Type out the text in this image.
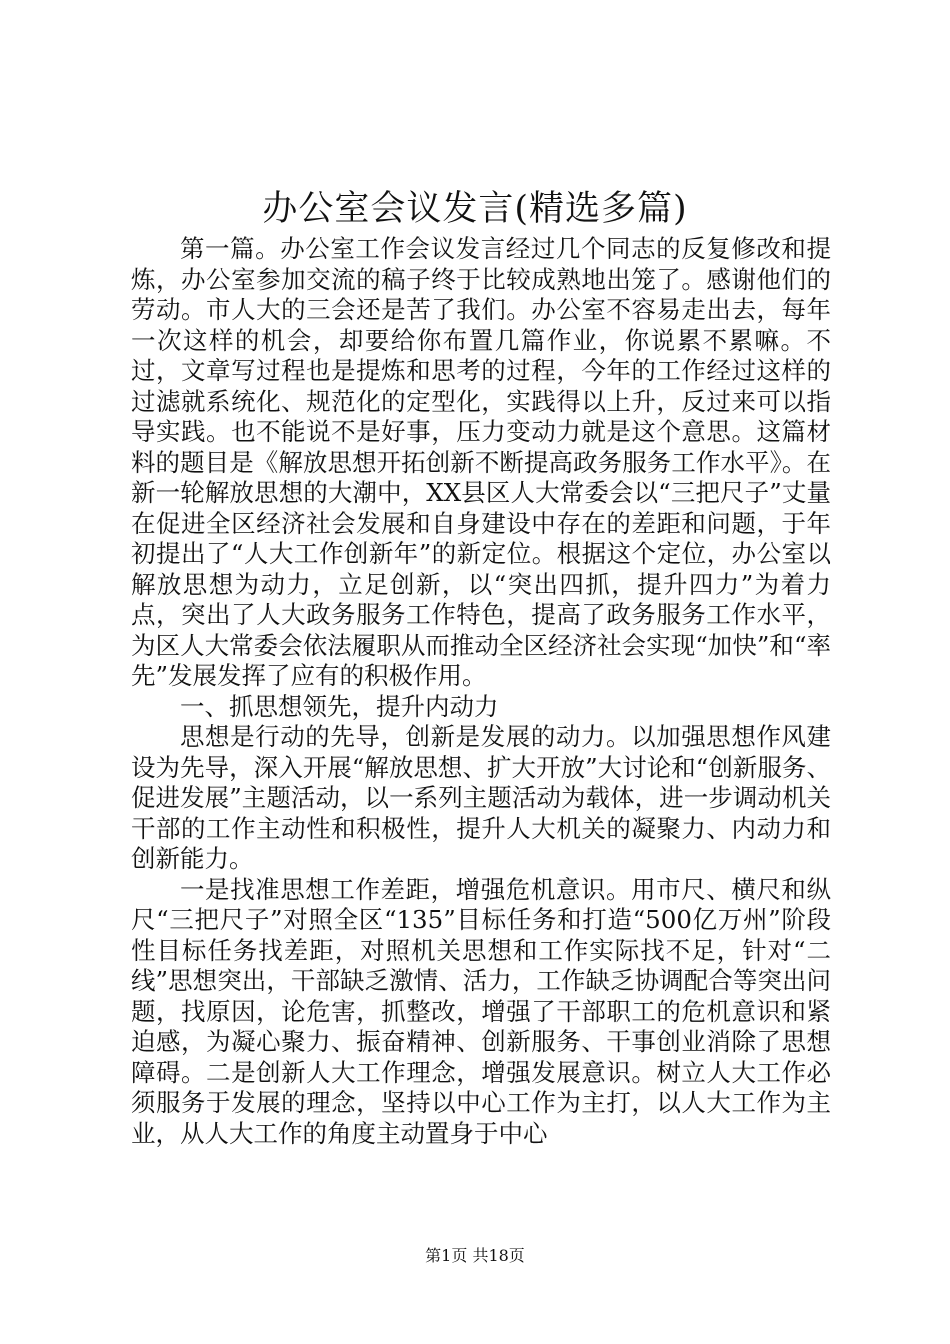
办公室会议发言(精选多篇)

第一篇。办公室工作会议发言经过几个同志的反复修改和提炼，办公室参加交流的稿子终于比较成熟地出笼了。感谢他们的劳动。市人大的三会还是苦了我们。办公室不容易走出去，每年一次这样的机会，却要给你布置几篇作业，你说累不累嘛。不过，文章写过程也是提炼和思考的过程，今年的工作经过这样的过滤就系统化、规范化的定型化，实践得以上升，反过来可以指导实践。也不能说不是好事，压力变动力就是这个意思。这篇材料的题目是《解放思想开拓创新不断提高政务服务工作水平》。在新一轮解放思想的大潮中，XX县区人大常委会以“三把尺子”丈量在促进全区经济社会发展和自身建设中存在的差距和问题，于年初提出了“人大工作创新年”的新定位。根据这个定位，办公室以解放思想为动力，立足创新，以“突出四抓，提升四力”为着力点，突出了人大政务服务工作特色，提高了政务服务工作水平，为区人大常委会依法履职从而推动全区经济社会实现“加快”和“率先”发展发挥了应有的积极作用。

一、抓思想领先，提升内动力

思想是行动的先导，创新是发展的动力。以加强思想作风建设为先导，深入开展“解放思想、扩大开放”大讨论和“创新服务、促进发展”主题活动，以一系列主题活动为载体，进一步调动机关干部的工作主动性和积极性，提升人大机关的凝聚力、内动力和创新能力。

一是找准思想工作差距，增强危机意识。用市尺、横尺和纵尺“三把尺子”对照全区“135”目标任务和打造“500亿万州”阶段性目标任务找差距，对照机关思想和工作实际找不足，针对“二线”思想突出，干部缺乏激情、活力，工作缺乏协调配合等突出问题，找原因，论危害，抓整改，增强了干部职工的危机意识和紧迫感，为凝心聚力、振奋精神、创新服务、干事创业消除了思想障碍。二是创新人大工作理念，增强发展意识。树立人大工作必须服务于发展的理念，坚持以中心工作为主打，以人大工作为主业，从人大工作的角度主动置身于中心

第1页 共18页
